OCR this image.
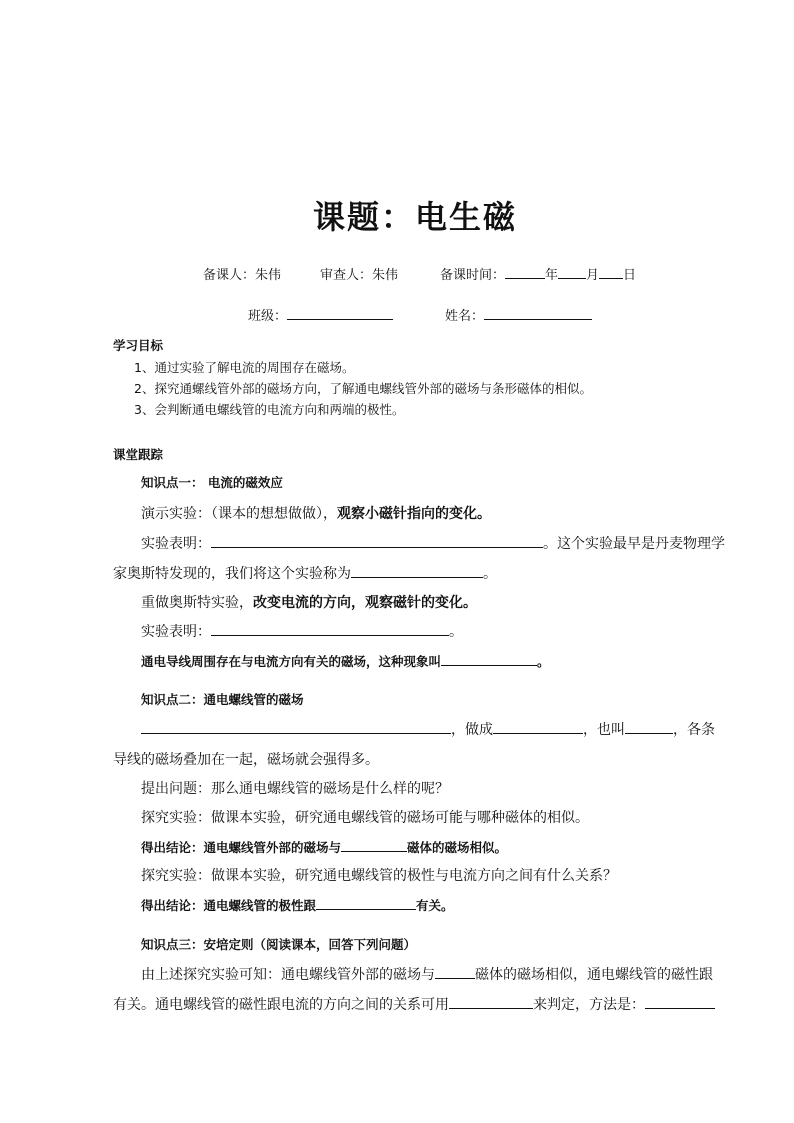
课题：电生磁
备课人：朱伟	审查人：朱伟	备课时间：	年 月 日
班级：	姓名：
学习目标
1、通过实验了解电流的周围存在磁场。
2、探究通螺线管外部的磁场方向，了解通电螺线管外部的磁场与条形磁体的相似。
3、会判断通电螺线管的电流方向和两端的极性。
课堂跟踪
知识点一： 电流的磁效应
演示实验：（课本的想想做做），观察小磁针指向的变化。
实验表明：	。这个实验最早是丹麦物理学
家奥斯特发现的，我们将这个实验称为	。
重做奥斯特实验，改变电流的方向，观察磁针的变化。
实验表明：	。
通电导线周围存在与电流方向有关的磁场，这种现象叫	。
知识点二：通电螺线管的磁场
，做成	，也叫	，各条
导线的磁场叠加在一起，磁场就会强得多。
提出问题：那么通电螺线管的磁场是什么样的呢？
探究实验：做课本实验，研究通电螺线管的磁场可能与哪种磁体的相似。
得出结论：通电螺线管外部的磁场与	磁体的磁场相似。
探究实验：做课本实验，研究通电螺线管的极性与电流方向之间有什么关系？
得出结论：通电螺线管的极性跟	有关。
知识点三：安培定则（阅读课本，回答下列问题）
由上述探究实验可知：通电螺线管外部的磁场与	磁体的磁场相似，通电螺线管的磁性跟
有关。通电螺线管的磁性跟电流的方向之间的关系可用	来判定，方法是：
